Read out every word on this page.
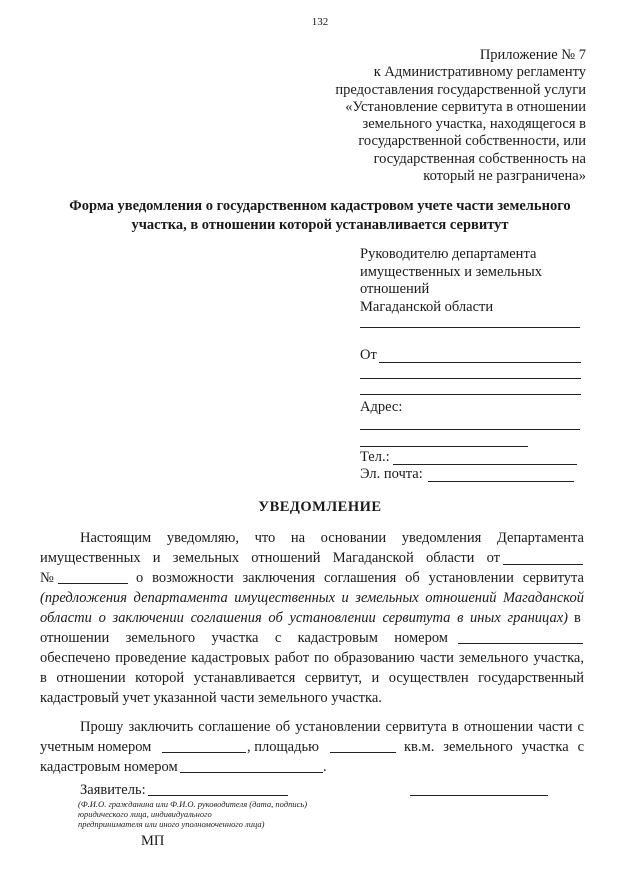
132
Приложение № 7
к Административному регламенту
предоставления государственной услуги
«Установление сервитута в отношении
земельного участка, находящегося в
государственной собственности, или
государственная собственность на
который не разграничена»
Форма уведомления о государственном кадастровом учете части земельного
участка, в отношении которой устанавливается сервитут
Руководителю департамента
имущественных и земельных
отношений
Магаданской области
От
Адрес:
Тел.:
Эл. почта:
УВЕДОМЛЕНИЕ
Настоящим уведомляю, что на основании уведомления Департамента
имущественных и земельных отношений Магаданской области от
№	о возможности заключения соглашения об установлении сервитута
(предложения департамента имущественных и земельных отношений Магаданской
области о заключении соглашения об установлении сервитута в иных границах) в
отношении земельного участка с кадастровым номером
обеспечено проведение кадастровых работ по образованию части земельного участка,
в отношении которой устанавливается сервитут, и осуществлен государственный
кадастровый учет указанной части земельного участка.
Прошу заключить соглашение об установлении сервитута в отношении части с
учетным номером	, площадью	кв.м. земельного участка с
кадастровым номером	.
Заявитель:
(Ф.И.О. гражданина или Ф.И.О. руководителя (дата, подпись)
юридического лица, индивидуального
предпринимателя или иного уполномоченного лица)
МП
